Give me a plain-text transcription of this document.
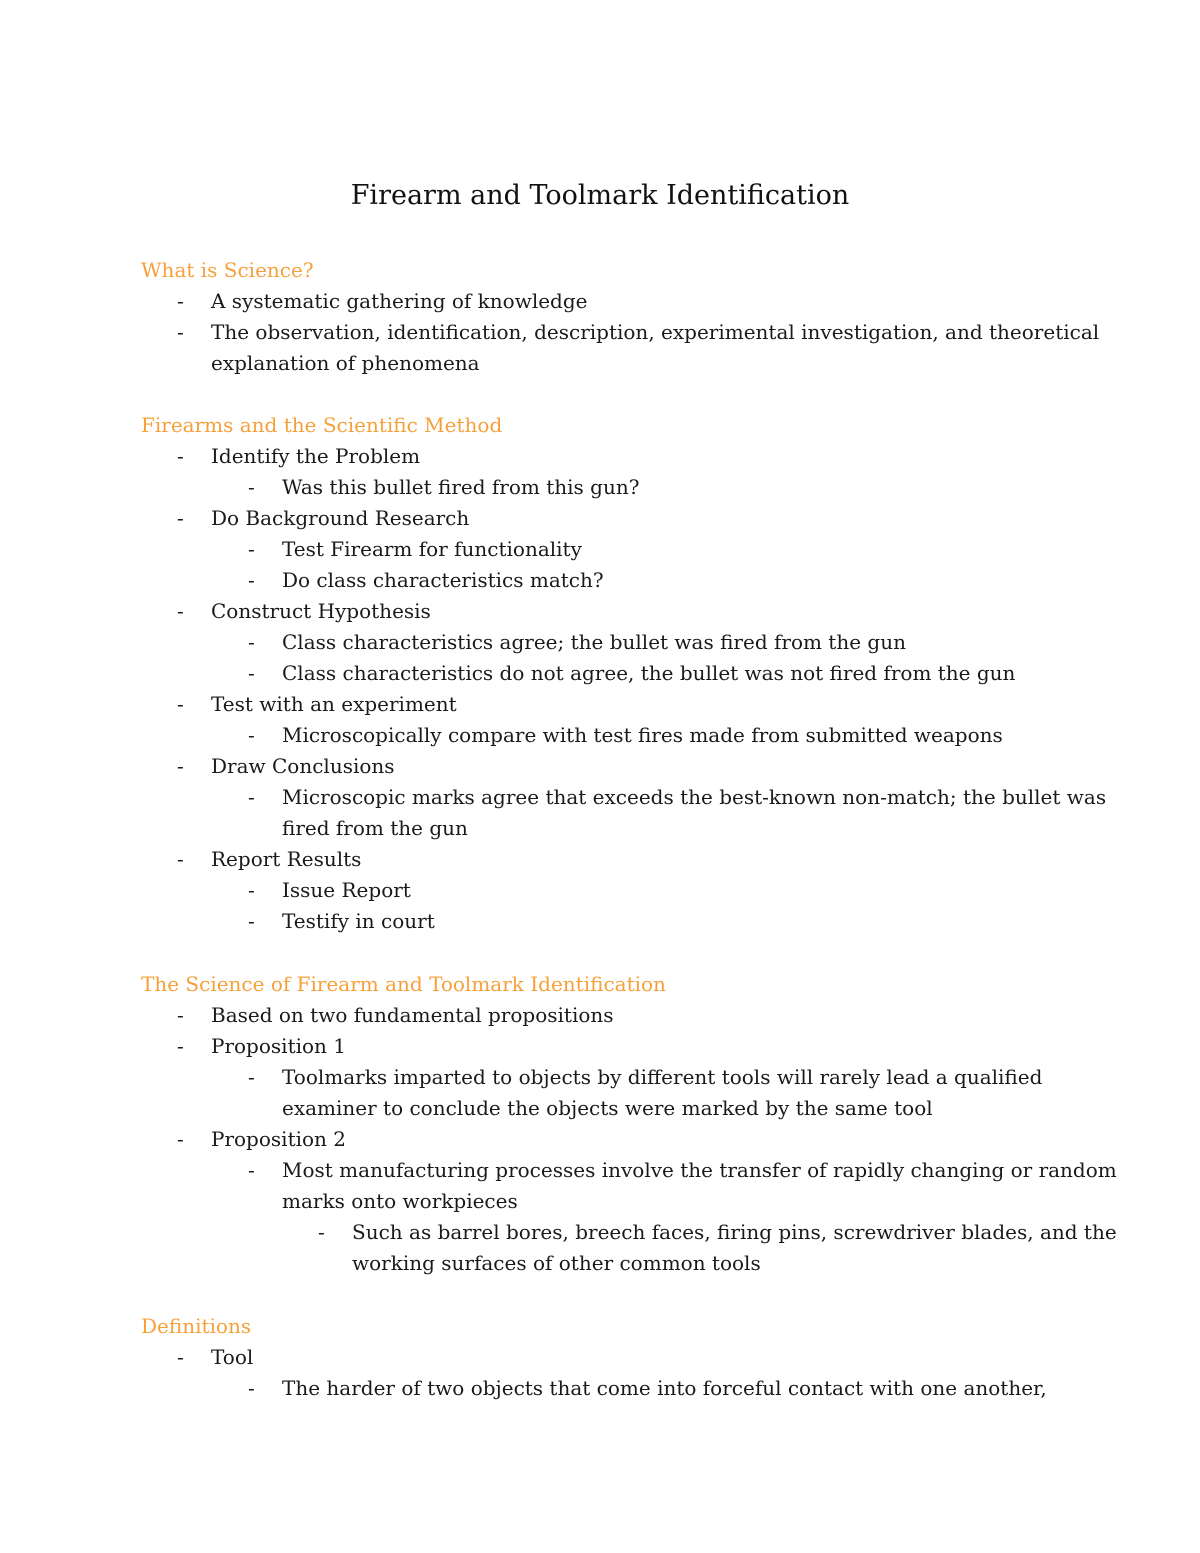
Firearm and Toolmark Identification
What is Science?
- A systematic gathering of knowledge
- The observation, identification, description, experimental investigation, and theoretical
explanation of phenomena
Firearms and the Scientific Method
- Identify the Problem
- Was this bullet fired from this gun?
- Do Background Research
- Test Firearm for functionality
- Do class characteristics match?
- Construct Hypothesis
- Class characteristics agree; the bullet was fired from the gun
- Class characteristics do not agree, the bullet was not fired from the gun
- Test with an experiment
- Microscopically compare with test fires made from submitted weapons
- Draw Conclusions
- Microscopic marks agree that exceeds the best-known non-match; the bullet was
fired from the gun
- Report Results
- Issue Report
- Testify in court
The Science of Firearm and Toolmark Identification
- Based on two fundamental propositions
- Proposition 1
- Toolmarks imparted to objects by different tools will rarely lead a qualified
examiner to conclude the objects were marked by the same tool
- Proposition 2
- Most manufacturing processes involve the transfer of rapidly changing or random
marks onto workpieces
- Such as barrel bores, breech faces, firing pins, screwdriver blades, and the
working surfaces of other common tools
Definitions
- Tool
- The harder of two objects that come into forceful contact with one another,
